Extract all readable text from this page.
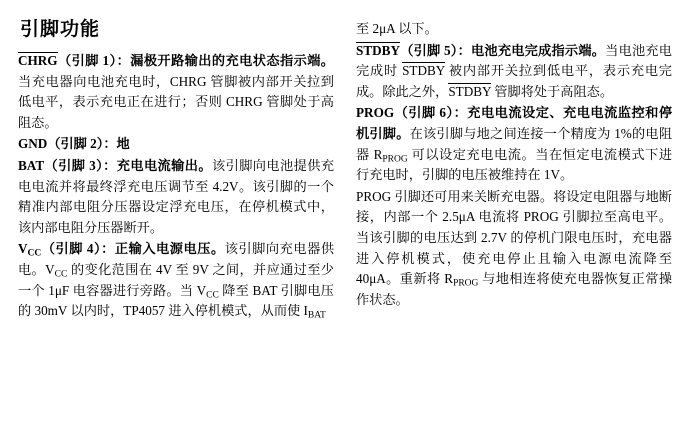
引脚功能

CHRG（引脚 1）：漏极开路输出的充电状态指示端。当充电器向电池充电时，CHRG 管脚被内部开关拉到低电平，表示充电正在进行；否则 CHRG 管脚处于高阻态。

GND（引脚 2）：地

BAT（引脚 3）：充电电流输出。该引脚向电池提供充电电流并将最终浮充电压调节至 4.2V。该引脚的一个精准内部电阻分压器设定浮充电压，在停机模式中，该内部电阻分压器断开。

$V_{CC}$（引脚 4）：正输入电源电压。该引脚向充电器供电。$V_{CC}$ 的变化范围在 4V 至 9V 之间，并应通过至少一个 1μF 电容器进行旁路。当 $V_{CC}$ 降至 BAT 引脚电压的 30mV 以内时，TP4057 进入停机模式，从而使 $I_{BAT}$

至 2μA 以下。

STDBY（引脚 5）：电池充电完成指示端。当电池充电完成时 STDBY 被内部开关拉到低电平，表示充电完成。除此之外，STDBY 管脚将处于高阻态。

PROG（引脚 6）：充电电流设定、充电电流监控和停机引脚。在该引脚与地之间连接一个精度为 1%的电阻器 $R_{PROG}$ 可以设定充电电流。当在恒定电流模式下进行充电时，引脚的电压被维持在 1V。

PROG 引脚还可用来关断充电器。将设定电阻器与地断接，内部一个 2.5μA 电流将 PROG 引脚拉至高电平。当该引脚的电压达到 2.7V 的停机门限电压时，充电器进入停机模式，使充电停止且输入电源电流降至 40μA。重新将 $R_{PROG}$ 与地相连将使充电器恢复正常操作状态。
